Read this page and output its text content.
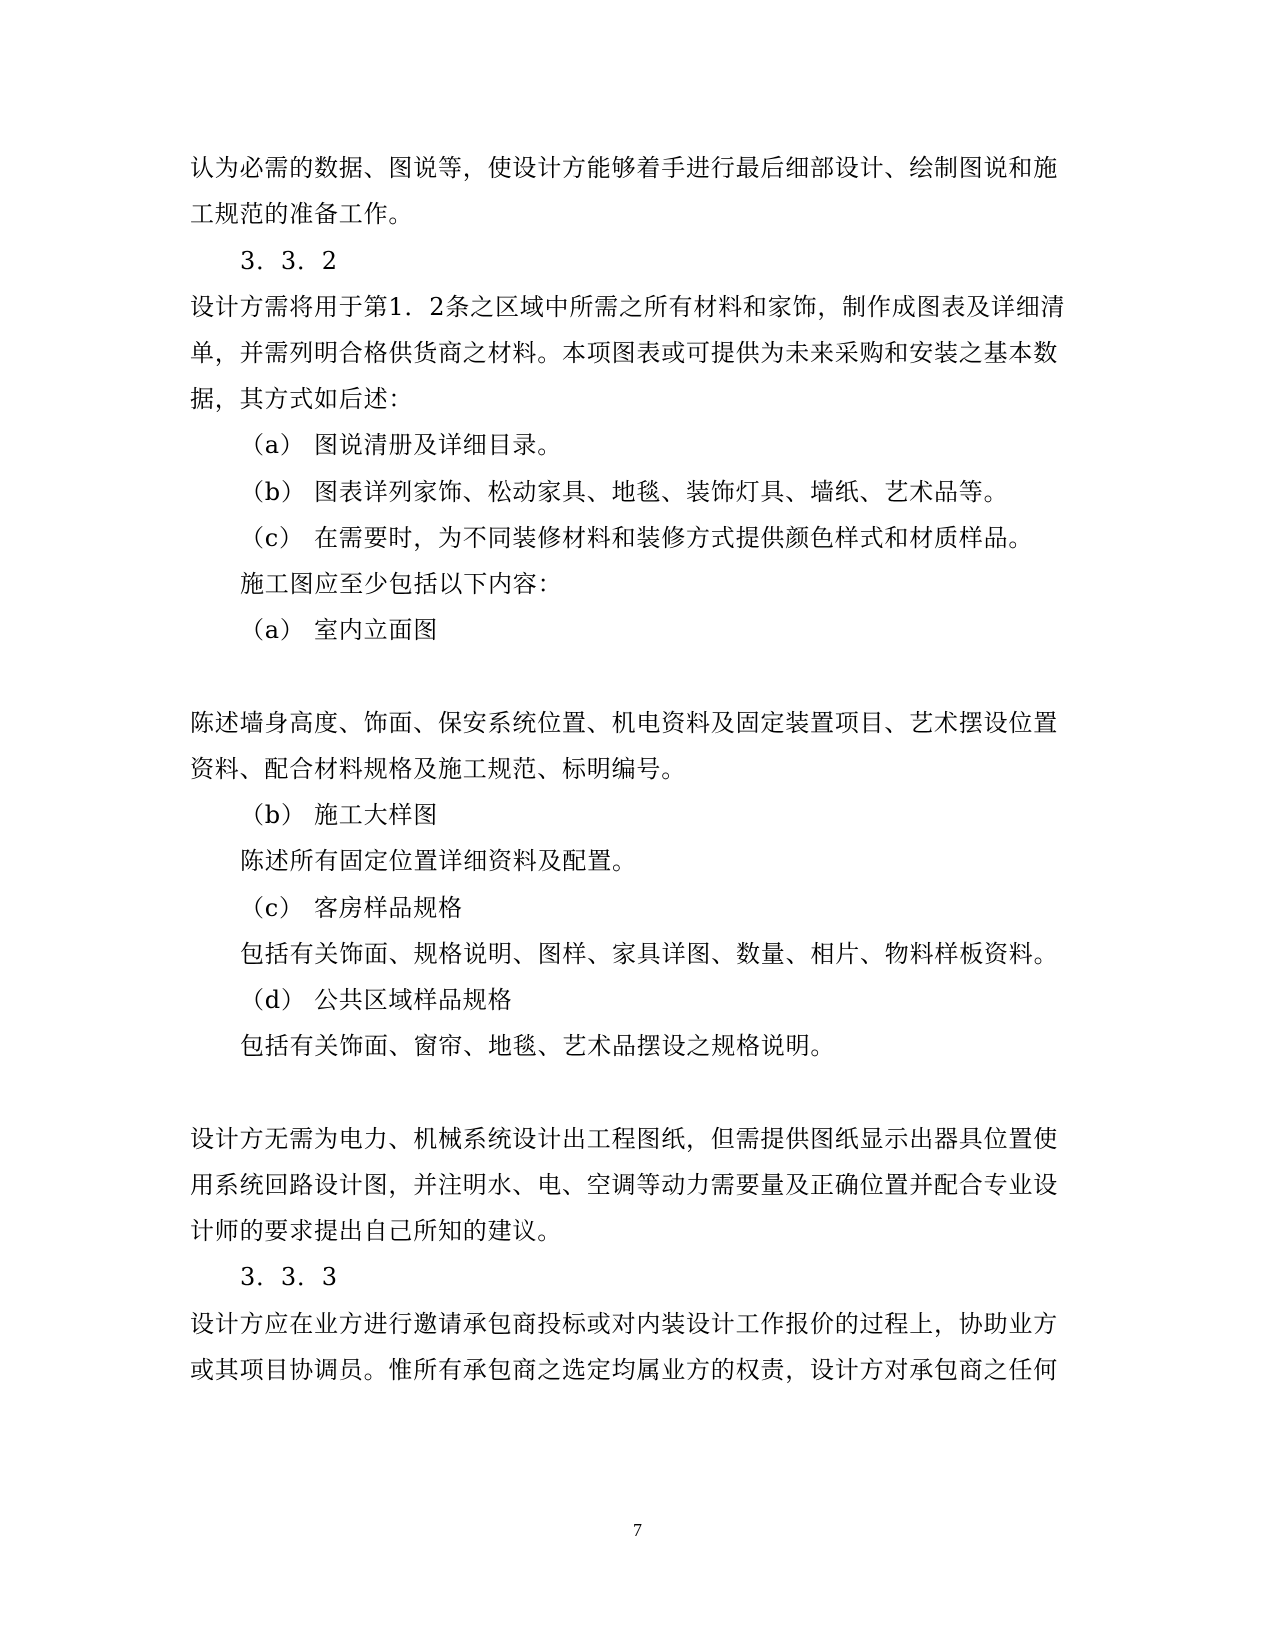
认为必需的数据、图说等，使设计方能够着手进行最后细部设计、绘制图说和施
工规范的准备工作。
3．3．2
设计方需将用于第1．2条之区域中所需之所有材料和家饰，制作成图表及详细清
单，并需列明合格供货商之材料。本项图表或可提供为未来采购和安装之基本数
据，其方式如后述：
（a） 图说清册及详细目录。
（b） 图表详列家饰、松动家具、地毯、装饰灯具、墙纸、艺术品等。
（c） 在需要时，为不同装修材料和装修方式提供颜色样式和材质样品。
施工图应至少包括以下内容：
（a） 室内立面图
陈述墙身高度、饰面、保安系统位置、机电资料及固定装置项目、艺术摆设位置
资料、配合材料规格及施工规范、标明编号。
（b） 施工大样图
陈述所有固定位置详细资料及配置。
（c） 客房样品规格
包括有关饰面、规格说明、图样、家具详图、数量、相片、物料样板资料。
（d） 公共区域样品规格
包括有关饰面、窗帘、地毯、艺术品摆设之规格说明。
设计方无需为电力、机械系统设计出工程图纸，但需提供图纸显示出器具位置使
用系统回路设计图，并注明水、电、空调等动力需要量及正确位置并配合专业设
计师的要求提出自己所知的建议。
3．3．3
设计方应在业方进行邀请承包商投标或对内装设计工作报价的过程上，协助业方
或其项目协调员。惟所有承包商之选定均属业方的权责，设计方对承包商之任何
7
